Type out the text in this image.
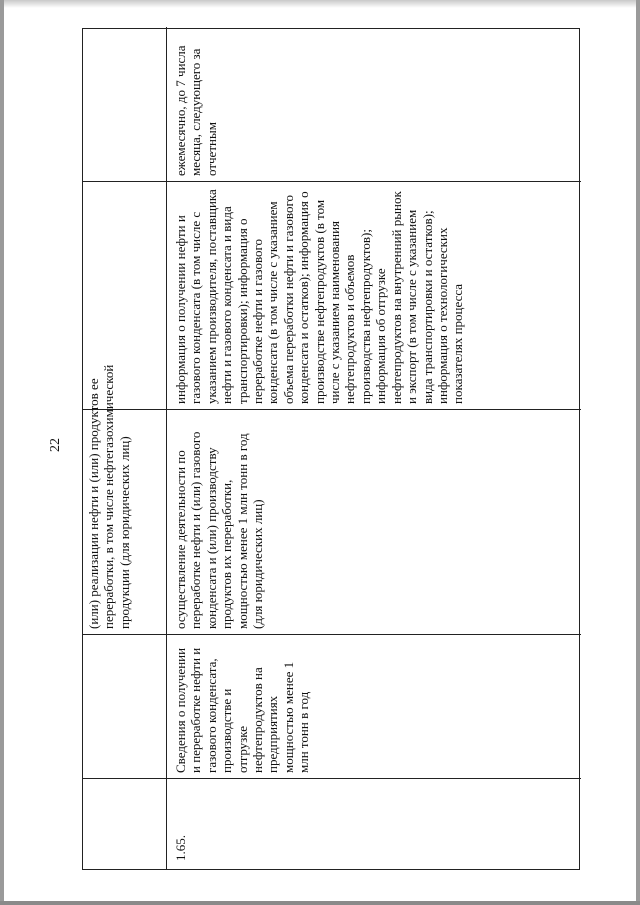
22 (или) реализации нефти и (или) продуктов ее переработки, в том числе нефтегазохимической продукции (для юридических лиц)
1.65.
Сведения о получении и переработке нефти и газового конденсата, производстве и отгрузке нефтепродуктов на предприятиях мощностью менее 1 млн тонн в год
осуществление деятельности по переработке нефти и (или) газового конденсата и (или) производству продуктов их переработки, мощностью менее 1 млн тонн в год (для юридических лиц)
информация о получении нефти и газового конденсата (в том числе с указанием производителя, поставщика нефти и газового конденсата и вида транспортировки); информация о переработке нефти и газового конденсата (в том числе с указанием объема переработки нефти и газового конденсата и остатков); информация о производстве нефтепродуктов (в том числе с указанием наименования нефтепродуктов и объемов производства нефтепродуктов); информация об отгрузке нефтепродуктов на внутренний рынок и экспорт (в том числе с указанием вида транспортировки и остатков); информация о технологических показателях процесса
ежемесячно, до 7 числа месяца, следующего за отчетным
